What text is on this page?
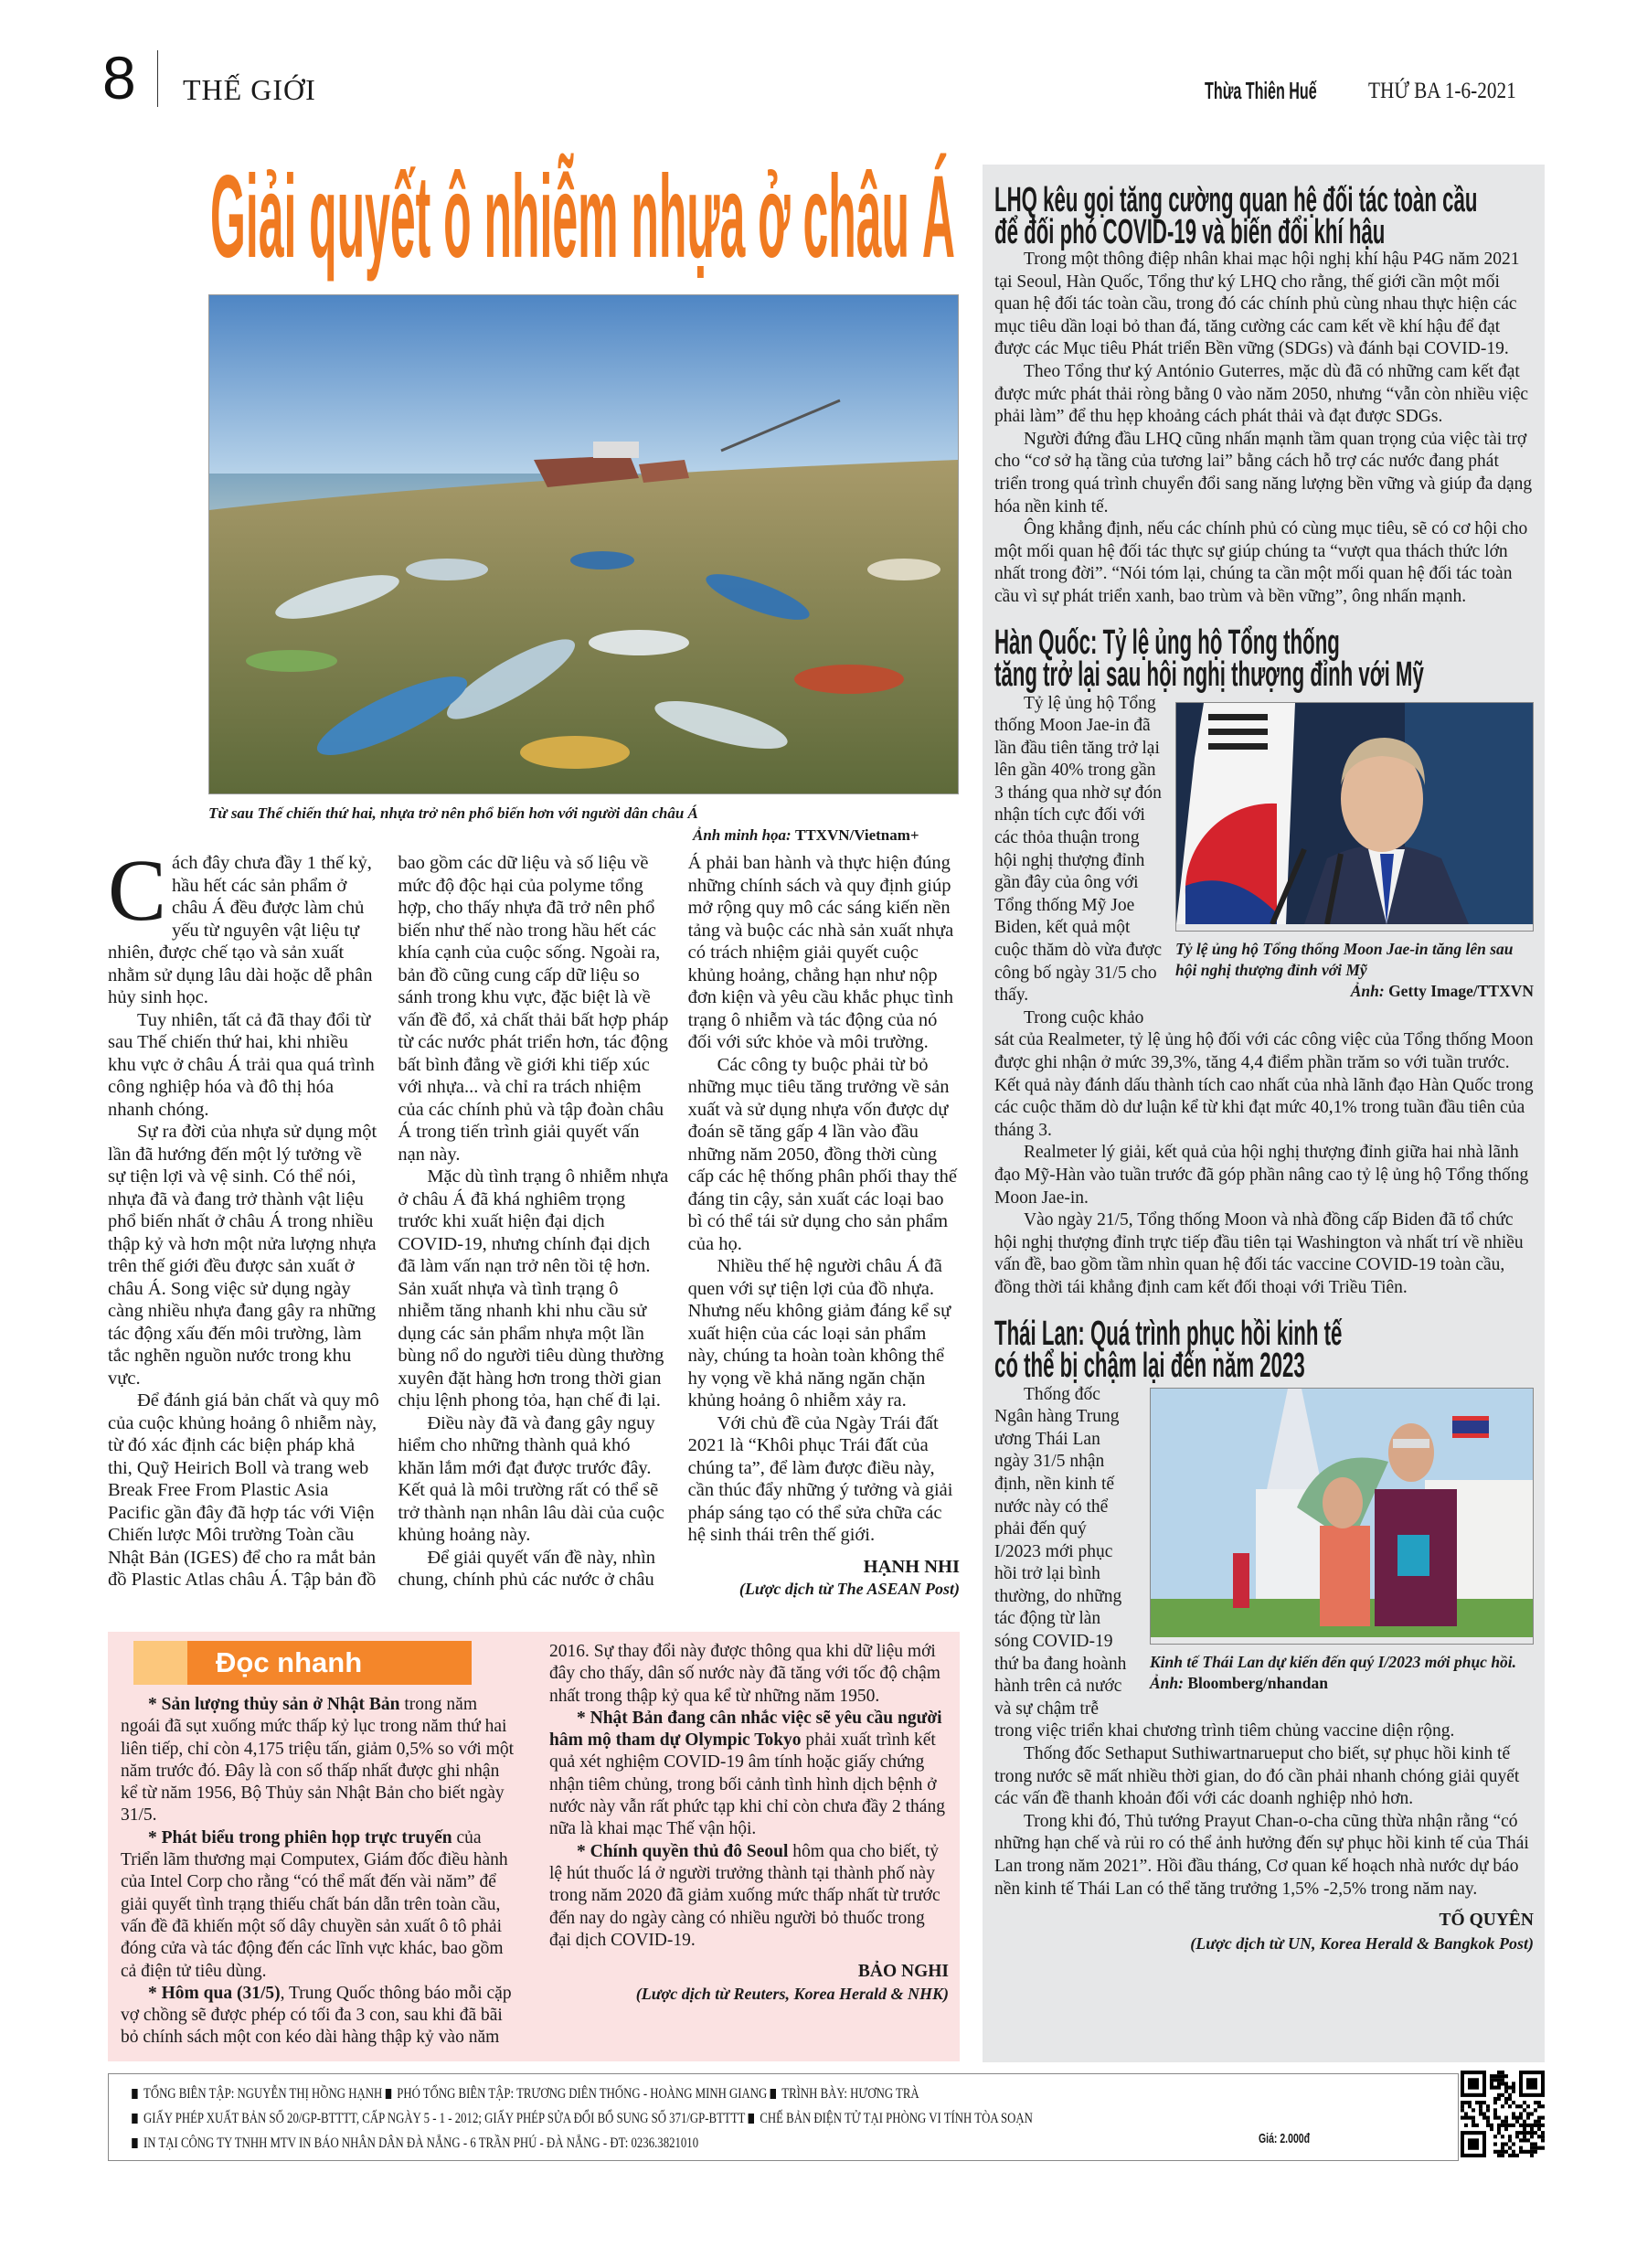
8 THẾ GIỚI	Thừa Thiên Huế THỨ BA 1-6-2021
Giải quyết ô nhiễm nhựa ở châu Á
Từ sau Thế chiến thứ hai, nhựa trở nên phổ biến hơn với người dân châu Á
Ảnh minh họa: TTXVN/Vietnam+

Cách đây chưa đầy 1 thế kỷ, hầu hết các sản phẩm ở châu Á đều được làm chủ yếu từ nguyên vật liệu tự nhiên, được chế tạo và sản xuất nhằm sử dụng lâu dài hoặc dễ phân hủy sinh học.

Tuy nhiên, tất cả đã thay đổi từ sau Thế chiến thứ hai, khi nhiều khu vực ở châu Á trải qua quá trình công nghiệp hóa và đô thị hóa nhanh chóng.

Sự ra đời của nhựa sử dụng một lần đã hướng đến một lý tưởng về sự tiện lợi và vệ sinh. Có thể nói, nhựa đã và đang trở thành vật liệu phổ biến nhất ở châu Á trong nhiều thập kỷ và hơn một nửa lượng nhựa trên thế giới đều được sản xuất ở châu Á. Song việc sử dụng ngày càng nhiều nhựa đang gây ra những tác động xấu đến môi trường, làm tắc nghẽn nguồn nước trong khu vực.

Để đánh giá bản chất và quy mô của cuộc khủng hoảng ô nhiễm này, từ đó xác định các biện pháp khả thi, Quỹ Heirich Boll và trang web Break Free From Plastic Asia Pacific gần đây đã hợp tác với Viện Chiến lược Môi trường Toàn cầu Nhật Bản (IGES) để cho ra mắt bản đồ Plastic Atlas châu Á. Tập bản đồ bao gồm các dữ liệu và số liệu về mức độ độc hại của polyme tổng hợp, cho thấy nhựa đã trở nên phổ biến như thế nào trong hầu hết các khía cạnh của cuộc sống. Ngoài ra, bản đồ cũng cung cấp dữ liệu so sánh trong khu vực, đặc biệt là về vấn đề đổ, xả chất thải bất hợp pháp từ các nước phát triển hơn, tác động bất bình đẳng về giới khi tiếp xúc với nhựa... và chỉ ra trách nhiệm của các chính phủ và tập đoàn châu Á trong tiến trình giải quyết vấn nạn này.

Mặc dù tình trạng ô nhiễm nhựa ở châu Á đã khá nghiêm trọng trước khi xuất hiện đại dịch COVID-19, nhưng chính đại dịch đã làm vấn nạn trở nên tồi tệ hơn. Sản xuất nhựa và tình trạng ô nhiễm tăng nhanh khi nhu cầu sử dụng các sản phẩm nhựa một lần bùng nổ do người tiêu dùng thường xuyên đặt hàng hơn trong thời gian chịu lệnh phong tỏa, hạn chế đi lại.

Điều này đã và đang gây nguy hiểm cho những thành quả khó khăn lắm mới đạt được trước đây. Kết quả là môi trường rất có thể sẽ trở thành nạn nhân lâu dài của cuộc khủng hoảng này.

Để giải quyết vấn đề này, nhìn chung, chính phủ các nước ở châu Á phải ban hành và thực hiện đúng những chính sách và quy định giúp mở rộng quy mô các sáng kiến nền tảng và buộc các nhà sản xuất nhựa có trách nhiệm giải quyết cuộc khủng hoảng, chẳng hạn như nộp đơn kiện và yêu cầu khắc phục tình trạng ô nhiễm và tác động của nó đối với sức khỏe và môi trường.

Các công ty buộc phải từ bỏ những mục tiêu tăng trưởng về sản xuất và sử dụng nhựa vốn được dự đoán sẽ tăng gấp 4 lần vào đầu những năm 2050, đồng thời cùng cấp các hệ thống phân phối thay thế đáng tin cậy, sản xuất các loại bao bì có thể tái sử dụng cho sản phẩm của họ.

Nhiều thế hệ người châu Á đã quen với sự tiện lợi của đồ nhựa. Nhưng nếu không giảm đáng kể sự xuất hiện của các loại sản phẩm này, chúng ta hoàn toàn không thể hy vọng về khả năng ngăn chặn khủng hoảng ô nhiễm xảy ra.

Với chủ đề của Ngày Trái đất 2021 là “Khôi phục Trái đất của chúng ta”, để làm được điều này, cần thúc đẩy những ý tưởng và giải pháp sáng tạo có thể sửa chữa các hệ sinh thái trên thế giới.

HẠNH NHI

(Lược dịch từ The ASEAN Post)

Đọc nhanh

* Sản lượng thủy sản ở Nhật Bản trong năm ngoái đã sụt xuống mức thấp kỷ lục trong năm thứ hai liên tiếp, chỉ còn 4,175 triệu tấn, giảm 0,5% so với một năm trước đó. Đây là con số thấp nhất được ghi nhận kể từ năm 1956, Bộ Thủy sản Nhật Bản cho biết ngày 31/5.

* Phát biểu trong phiên họp trực truyến của Triển lãm thương mại Computex, Giám đốc điều hành của Intel Corp cho rằng “có thể mất đến vài năm” để giải quyết tình trạng thiếu chất bán dẫn trên toàn cầu, vấn đề đã khiến một số dây chuyền sản xuất ô tô phải đóng cửa và tác động đến các lĩnh vực khác, bao gồm cả điện tử tiêu dùng.

* Hôm qua (31/5), Trung Quốc thông báo mỗi cặp vợ chồng sẽ được phép có tối đa 3 con, sau khi đã bãi bỏ chính sách một con kéo dài hàng thập kỷ vào năm 2016. Sự thay đổi này được thông qua khi dữ liệu mới đây cho thấy, dân số nước này đã tăng với tốc độ chậm nhất trong thập kỷ qua kể từ những năm 1950.

* Nhật Bản đang cân nhắc việc sẽ yêu cầu người hâm mộ tham dự Olympic Tokyo phải xuất trình kết quả xét nghiệm COVID-19 âm tính hoặc giấy chứng nhận tiêm chủng, trong bối cảnh tình hình dịch bệnh ở nước này vẫn rất phức tạp khi chỉ còn chưa đầy 2 tháng nữa là khai mạc Thế vận hội.

* Chính quyền thủ đô Seoul hôm qua cho biết, tỷ lệ hút thuốc lá ở người trưởng thành tại thành phố này trong năm 2020 đã giảm xuống mức thấp nhất từ trước đến nay do ngày càng có nhiều người bỏ thuốc trong đại dịch COVID-19.

BẢO NGHI

(Lược dịch từ Reuters, Korea Herald & NHK)

LHQ kêu gọi tăng cường quan hệ đối tác toàn cầu
để đối phó COVID-19 và biến đổi khí hậu

Trong một thông điệp nhân khai mạc hội nghị khí hậu P4G năm 2021 tại Seoul, Hàn Quốc, Tổng thư ký LHQ cho rằng, thế giới cần một mối quan hệ đối tác toàn cầu, trong đó các chính phủ cùng nhau thực hiện các mục tiêu dần loại bỏ than đá, tăng cường các cam kết về khí hậu để đạt được các Mục tiêu Phát triển Bền vững (SDGs) và đánh bại COVID-19.

Theo Tổng thư ký António Guterres, mặc dù đã có những cam kết đạt được mức phát thải ròng bằng 0 vào năm 2050, nhưng “vẫn còn nhiều việc phải làm” để thu hẹp khoảng cách phát thải và đạt được SDGs.

Người đứng đầu LHQ cũng nhấn mạnh tầm quan trọng của việc tài trợ cho “cơ sở hạ tầng của tương lai” bằng cách hỗ trợ các nước đang phát triển trong quá trình chuyển đổi sang năng lượng bền vững và giúp đa dạng hóa nền kinh tế.

Ông khẳng định, nếu các chính phủ có cùng mục tiêu, sẽ có cơ hội cho một mối quan hệ đối tác thực sự giúp chúng ta “vượt qua thách thức lớn nhất trong đời”. “Nói tóm lại, chúng ta cần một mối quan hệ đối tác toàn cầu vì sự phát triển xanh, bao trùm và bền vững”, ông nhấn mạnh.

Hàn Quốc: Tỷ lệ ủng hộ Tổng thống
tăng trở lại sau hội nghị thượng đỉnh với Mỹ
Tỷ lệ ủng hộ Tổng thống Moon Jae-in tăng lên sau hội nghị thượng đỉnh với Mỹ
Ảnh: Getty Image/TTXVN

Tỷ lệ ủng hộ Tổng thống Moon Jae-in đã lần đầu tiên tăng trở lại lên gần 40% trong gần 3 tháng qua nhờ sự đón nhận tích cực đối với các thỏa thuận trong hội nghị thượng đỉnh gần đây của ông với Tổng thống Mỹ Joe Biden, kết quả một cuộc thăm dò vừa được công bố ngày 31/5 cho thấy.

Trong cuộc khảo sát của Realmeter, tỷ lệ ủng hộ đối với các công việc của Tổng thống Moon được ghi nhận ở mức 39,3%, tăng 4,4 điểm phần trăm so với tuần trước. Kết quả này đánh dấu thành tích cao nhất của nhà lãnh đạo Hàn Quốc trong các cuộc thăm dò dư luận kể từ khi đạt mức 40,1% trong tuần đầu tiên của tháng 3.

Realmeter lý giải, kết quả của hội nghị thượng đỉnh giữa hai nhà lãnh đạo Mỹ-Hàn vào tuần trước đã góp phần nâng cao tỷ lệ ủng hộ Tổng thống Moon Jae-in.

Vào ngày 21/5, Tổng thống Moon và nhà đồng cấp Biden đã tổ chức hội nghị thượng đỉnh trực tiếp đầu tiên tại Washington và nhất trí về nhiều vấn đề, bao gồm tầm nhìn quan hệ đối tác vaccine COVID-19 toàn cầu, đồng thời tái khẳng định cam kết đối thoại với Triều Tiên.

Thái Lan: Quá trình phục hồi kinh tế
có thể bị chậm lại đến năm 2023
Kinh tế Thái Lan dự kiến đến quý I/2023 mới phục hồi. Ảnh: Bloomberg/nhandan

Thống đốc Ngân hàng Trung ương Thái Lan ngày 31/5 nhận định, nền kinh tế nước này có thể phải đến quý I/2023 mới phục hồi trở lại bình thường, do những tác động từ làn sóng COVID-19 thứ ba đang hoành hành trên cả nước và sự chậm trễ trong việc triển khai chương trình tiêm chủng vaccine diện rộng.

Thống đốc Sethaput Suthiwartnarueput cho biết, sự phục hồi kinh tế trong nước sẽ mất nhiều thời gian, do đó cần phải nhanh chóng giải quyết các vấn đề thanh khoản đối với các doanh nghiệp nhỏ hơn.

Trong khi đó, Thủ tướng Prayut Chan-o-cha cũng thừa nhận rằng “có những hạn chế và rủi ro có thể ảnh hưởng đến sự phục hồi kinh tế của Thái Lan trong năm 2021”. Hồi đầu tháng, Cơ quan kế hoạch nhà nước dự báo nền kinh tế Thái Lan có thể tăng trưởng 1,5% -2,5% trong năm nay.

TỐ QUYÊN

(Lược dịch từ UN, Korea Herald & Bangkok Post)

TỔNG BIÊN TẬP: NGUYỄN THỊ HỒNG HẠNH PHÓ TỔNG BIÊN TẬP: TRƯƠNG DIÊN THỐNG - HOÀNG MINH GIANG TRÌNH BÀY: HƯƠNG TRÀ
GIẤY PHÉP XUẤT BẢN SỐ 20/GP-BTTTT, CẤP NGÀY 5 - 1 - 2012; GIẤY PHÉP SỬA ĐỔI BỔ SUNG SỐ 371/GP-BTTTT CHẾ BẢN ĐIỆN TỬ TẠI PHÒNG VI TÍNH TÒA SOẠN
IN TẠI CÔNG TY TNHH MTV IN BÁO NHÂN DÂN ĐÀ NẴNG - 6 TRẦN PHÚ - ĐÀ NẴNG - ĐT: 0236.3821010	Giá: 2.000đ
